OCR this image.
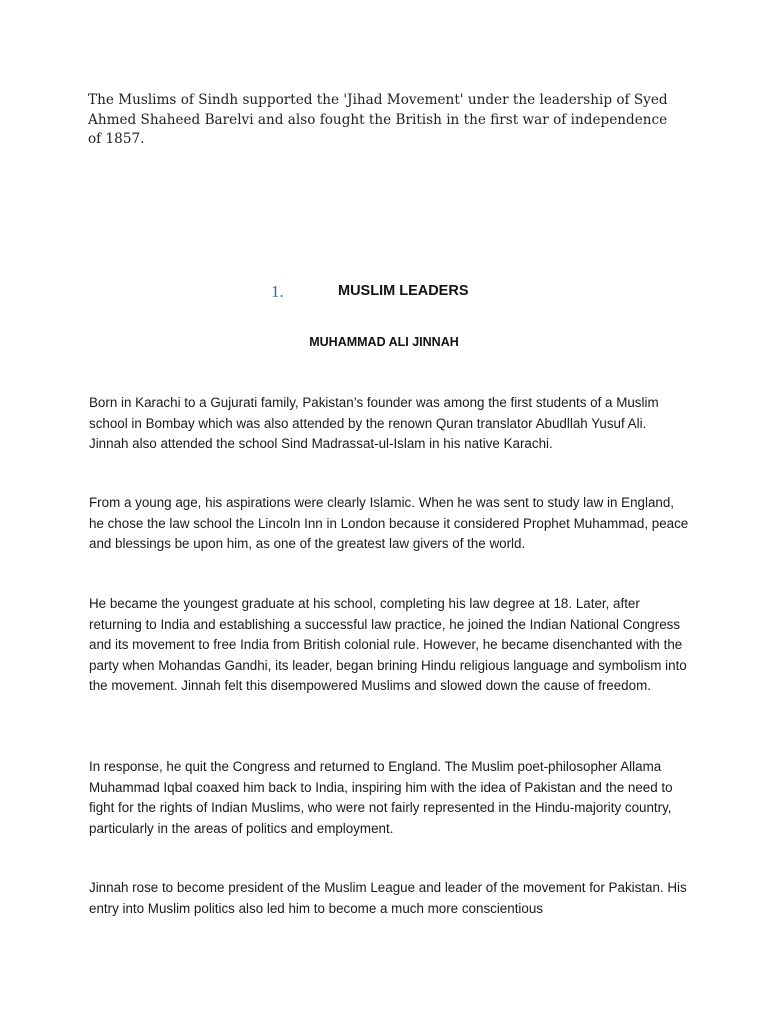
The Muslims of Sindh supported the 'Jihad Movement' under the leadership of Syed Ahmed Shaheed Barelvi and also fought the British in the first war of independence of 1857.

1.	MUSLIM LEADERS
MUHAMMAD ALI JINNAH

Born in Karachi to a Gujurati family, Pakistan’s founder was among the first students of a Muslim school in Bombay which was also attended by the renown Quran translator Abudllah Yusuf Ali. Jinnah also attended the school Sind Madrassat-ul-Islam in his native Karachi.

From a young age, his aspirations were clearly Islamic. When he was sent to study law in England, he chose the law school the Lincoln Inn in London because it considered Prophet Muhammad, peace and blessings be upon him, as one of the greatest law givers of the world.

He became the youngest graduate at his school, completing his law degree at 18. Later, after returning to India and establishing a successful law practice, he joined the Indian National Congress and its movement to free India from British colonial rule. However, he became disenchanted with the party when Mohandas Gandhi, its leader, began brining Hindu religious language and symbolism into the movement. Jinnah felt this disempowered Muslims and slowed down the cause of freedom.

In response, he quit the Congress and returned to England. The Muslim poet-philosopher Allama Muhammad Iqbal coaxed him back to India, inspiring him with the idea of Pakistan and the need to fight for the rights of Indian Muslims, who were not fairly represented in the Hindu-majority country, particularly in the areas of politics and employment.

Jinnah rose to become president of the Muslim League and leader of the movement for Pakistan. His entry into Muslim politics also led him to become a much more conscientious
